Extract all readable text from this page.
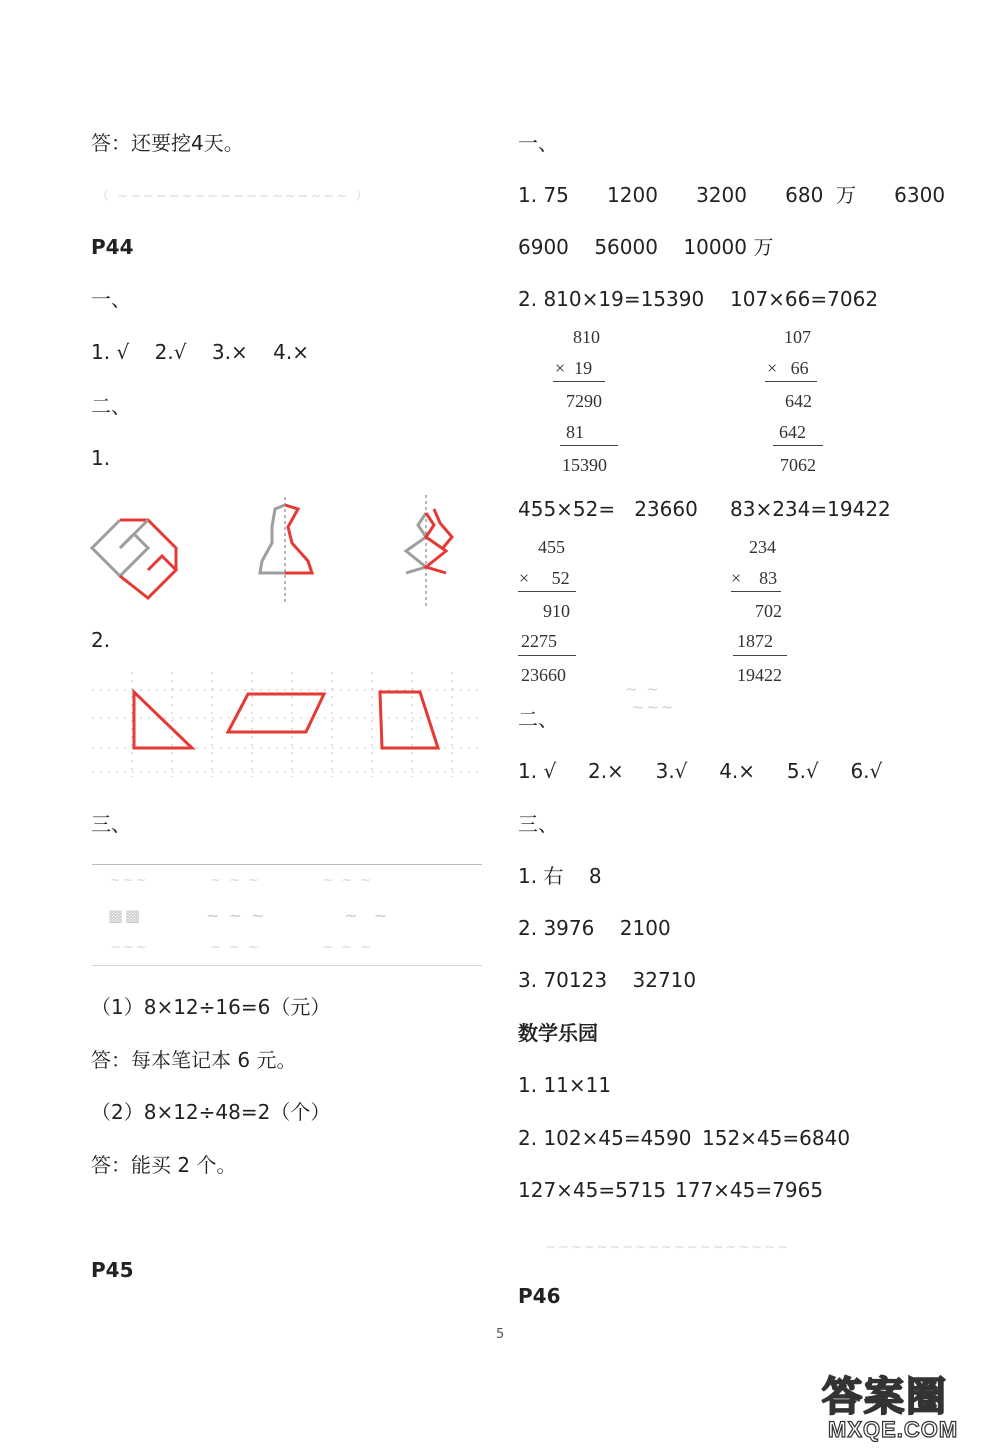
答：还要挖4天。
（ ~~~~~~~~~~~~~~~~~~ ）
P44
一、
1. √    2.√    3.×    4.×
二、
1.
2.
三、
~~~          ~ ~ ~          ~ ~ ~
▩▩         ~ ~ ~           ~  ~
~~~          ~ ~ ~          ~ ~ ~
（1）8×12÷16=6（元）
答：每本笔记本 6 元。
（2）8×12÷48=2（个）
答：能买 2 个。
P45
一、
1. 75      1200      3200      680  万      6300
6900    56000    10000 万
2. 810×19=15390 107×66=7062
810
×  19
7290
81
15390
107
×   66
642
642
7062
455×52=   23660 83×234=19422
455
×     52
910
2275
23660
234
×    83
702
1872
19422
~ ~
~~~
二、
1. √     2.×     3.√     4.×     5.√     6.√
三、
1. 右    8
2. 3976    2100
3. 70123    32710
数学乐园
1. 11×11
2. 102×45=4590 152×45=6840
127×45=5715 177×45=7965
~~~~~~~~~~~~~~~~~~~
P46
5
答案圈
MXQE.COM
